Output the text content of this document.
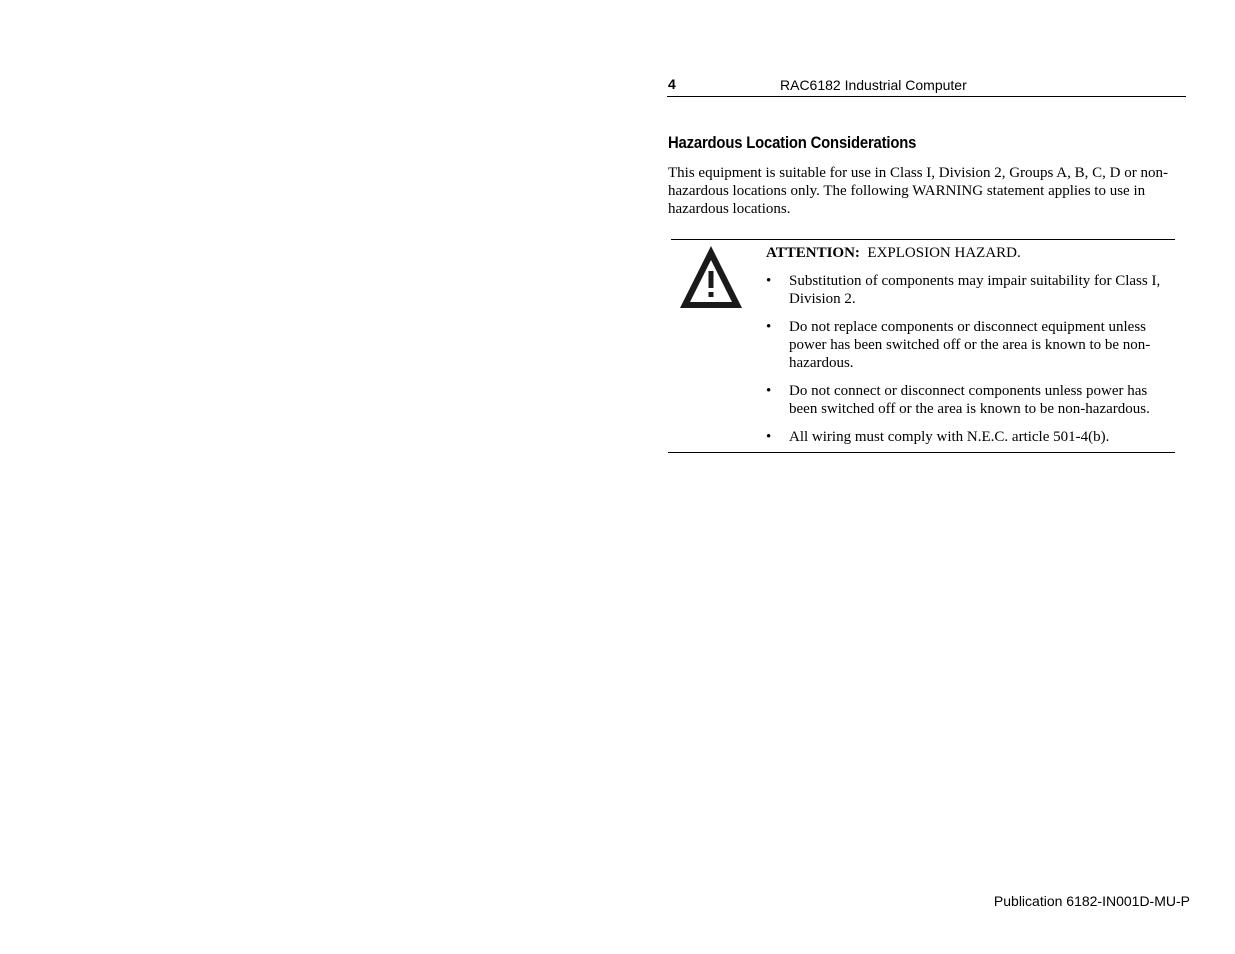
4	RAC6182 Industrial Computer
Hazardous Location Considerations

This equipment is suitable for use in Class I, Division 2, Groups A, B, C, D or non-hazardous locations only. The following WARNING statement applies to use in hazardous locations.

ATTENTION: EXPLOSION HAZARD.

• Substitution of components may impair suitability for Class I, Division 2.
• Do not replace components or disconnect equipment unless power has been switched off or the area is known to be non-hazardous.
• Do not connect or disconnect components unless power has been switched off or the area is known to be non-hazardous.
• All wiring must comply with N.E.C. article 501-4(b).
Publication 6182-IN001D-MU-P
